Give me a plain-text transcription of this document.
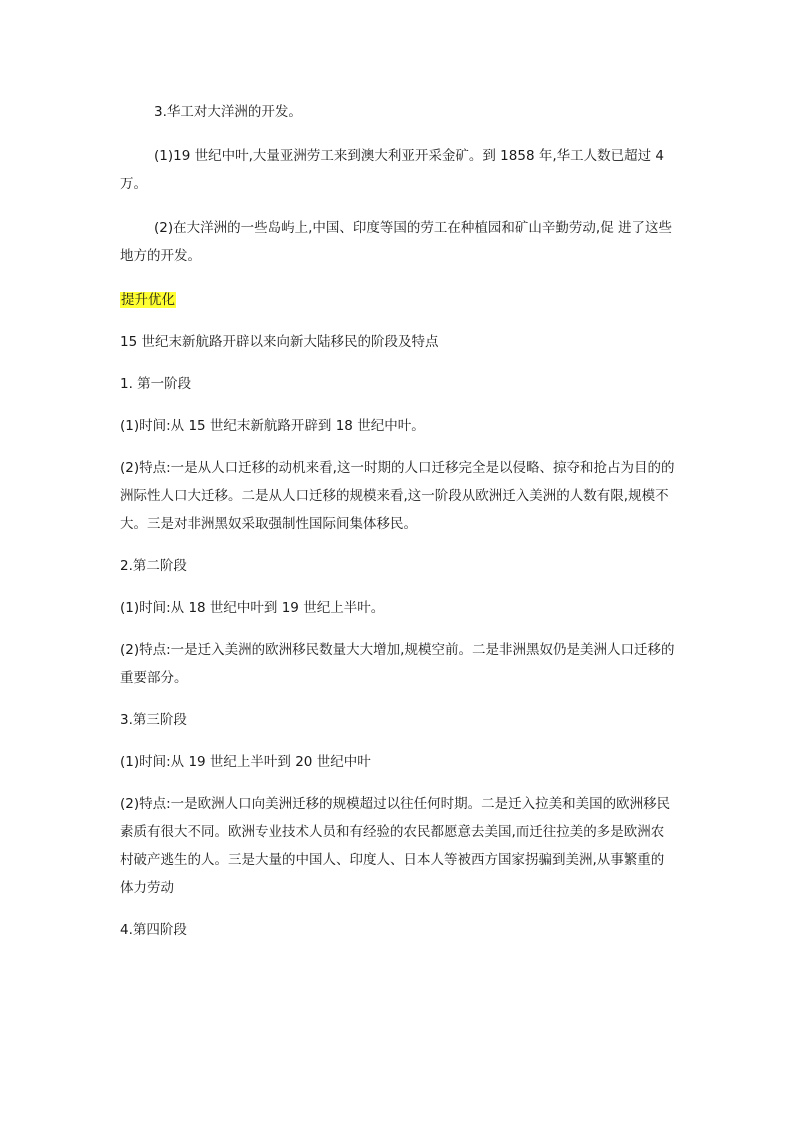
3.华工对大洋洲的开发。

(1)19 世纪中叶,大量亚洲劳工来到澳大利亚开采金矿。到 1858 年,华工人数已超过 4 万。

(2)在大洋洲的一些岛屿上,中国、印度等国的劳工在种植园和矿山辛勤劳动,促 进了这些地方的开发。

提升优化

15 世纪末新航路开辟以来向新大陆移民的阶段及特点

1. 第一阶段

(1)时间:从 15 世纪末新航路开辟到 18 世纪中叶。

(2)特点:一是从人口迁移的动机来看,这一时期的人口迁移完全是以侵略、掠夺和抢占为目的的洲际性人口大迁移。二是从人口迁移的规模来看,这一阶段从欧洲迁入美洲的人数有限,规模不大。三是对非洲黑奴采取强制性国际间集体移民。

2.第二阶段

(1)时间:从 18 世纪中叶到 19 世纪上半叶。

(2)特点:一是迁入美洲的欧洲移民数量大大增加,规模空前。二是非洲黑奴仍是美洲人口迁移的重要部分。

3.第三阶段

(1)时间:从 19 世纪上半叶到 20 世纪中叶

(2)特点:一是欧洲人口向美洲迁移的规模超过以往任何时期。二是迁入拉美和美国的欧洲移民素质有很大不同。欧洲专业技术人员和有经验的农民都愿意去美国,而迁往拉美的多是欧洲农村破产逃生的人。三是大量的中国人、印度人、日本人等被西方国家拐骗到美洲,从事繁重的体力劳动

4.第四阶段
